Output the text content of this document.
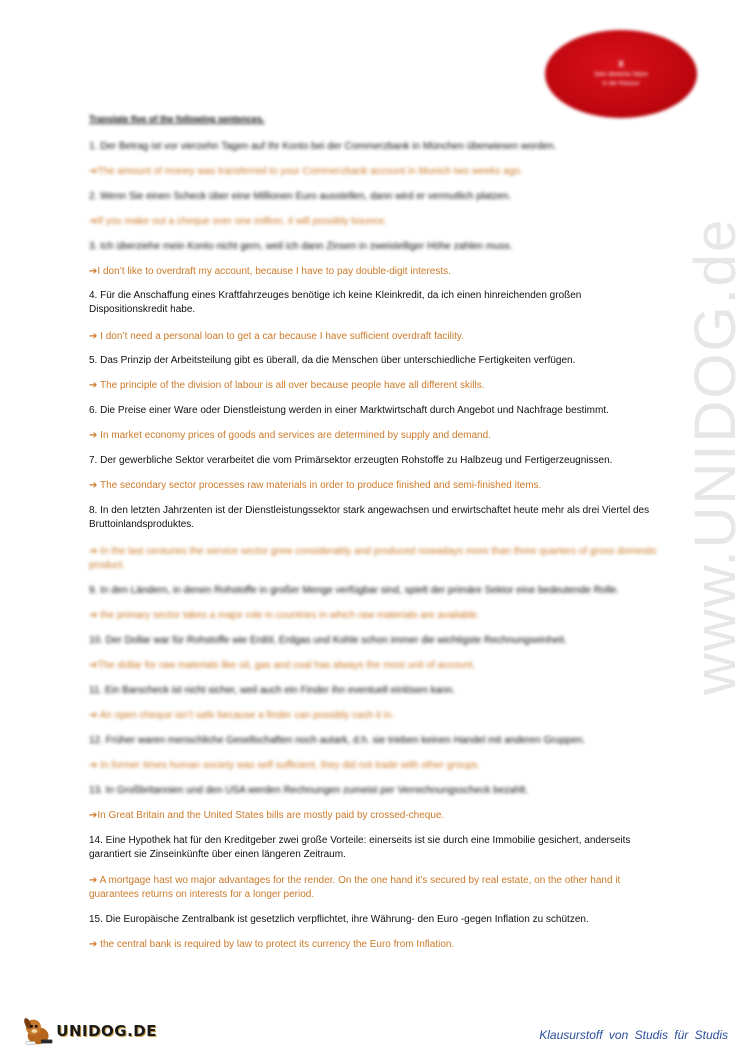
X
Sehr ähnliche Sätze
in der Klausur
www.UNIDOG.de
Translate five of the following sentences.

1. Der Betrag ist vor vierzehn Tagen auf Ihr Konto bei der Commerzbank in München überwiesen worden.

➔The amount of money was transferred to your Commerzbank account in Munich two weeks ago.

2. Wenn Sie einen Scheck über eine Millionen Euro ausstellen, dann wird er vermutlich platzen.

➔If you make out a cheque over one million, it will possibly bounce.

3. Ich überziehe mein Konto nicht gern, weil ich dann Zinsen in zweistelliger Höhe zahlen muss.

➔I don’t like to overdraft my account, because I have to pay double-digit interests.

4. Für die Anschaffung eines Kraftfahrzeuges benötige ich keine Kleinkredit, da ich einen hinreichenden großen Dispositionskredit habe.

➔ I don’t need a personal loan to get a car because I have sufficient overdraft facility.

5. Das Prinzip der Arbeitsteilung gibt es überall, da die Menschen über unterschiedliche Fertigkeiten verfügen.

➔ The principle of the division of labour is all over because people have all different skills.

6. Die Preise einer Ware oder Dienstleistung werden in einer Marktwirtschaft durch Angebot und Nachfrage bestimmt.

➔ In market economy prices of goods and services are determined by supply and demand.

7. Der gewerbliche Sektor verarbeitet die vom Primärsektor erzeugten Rohstoffe zu Halbzeug und Fertigerzeugnissen.

➔ The secondary sector processes raw materials in order to produce finished and semi-finished items.

8. In den letzten Jahrzenten ist der Dienstleistungssektor stark angewachsen und erwirtschaftet heute mehr als drei Viertel des Bruttoinlandsproduktes.

➔ In the last centuries the service sector grew considerably and produced nowadays more than three quarters of gross domestic product.

9. In den Ländern, in denen Rohstoffe in großer Menge verfügbar sind, spielt der primäre Sektor eine bedeutende Rolle.

➔ the primary sector takes a major role in countries in which raw materials are available.

10. Der Dollar war für Rohstoffe wie Erdöl, Erdgas und Kohle schon immer die wichtigste Rechnungseinheit.

➔The dollar for raw materials like oil, gas and coal has always the most unit of account.

11. Ein Barscheck ist nicht sicher, weil auch ein Finder ihn eventuell einlösen kann.

➔ An open cheque isn’t safe because a finder can possibly cash it in.

12. Früher waren menschliche Gesellschaften noch autark, d.h. sie trieben keinen Handel mit anderen Gruppen.

➔ In former times human society was self sufficient, they did not trade with other groups.

13. In Großbritannien und den USA werden Rechnungen zumeist per Verrechnungsscheck bezahlt.

➔In Great Britain and the United States bills are mostly paid by crossed-cheque.

14. Eine Hypothek hat für den Kreditgeber zwei große Vorteile: einerseits ist sie durch eine Immobilie gesichert, anderseits garantiert sie Zinseinkünfte über einen längeren Zeitraum.

➔ A mortgage hast wo major advantages for the render. On the one hand it’s secured by real estate, on the other hand it guarantees returns on interests for a longer period.

15. Die Europäische Zentralbank ist gesetzlich verpflichtet, ihre Währung- den Euro -gegen Inflation zu schützen.

➔ the central bank is required by law to protect its currency the Euro from Inflation.

UNIDOG.DE	Klausurstoff von Studis für Studis
